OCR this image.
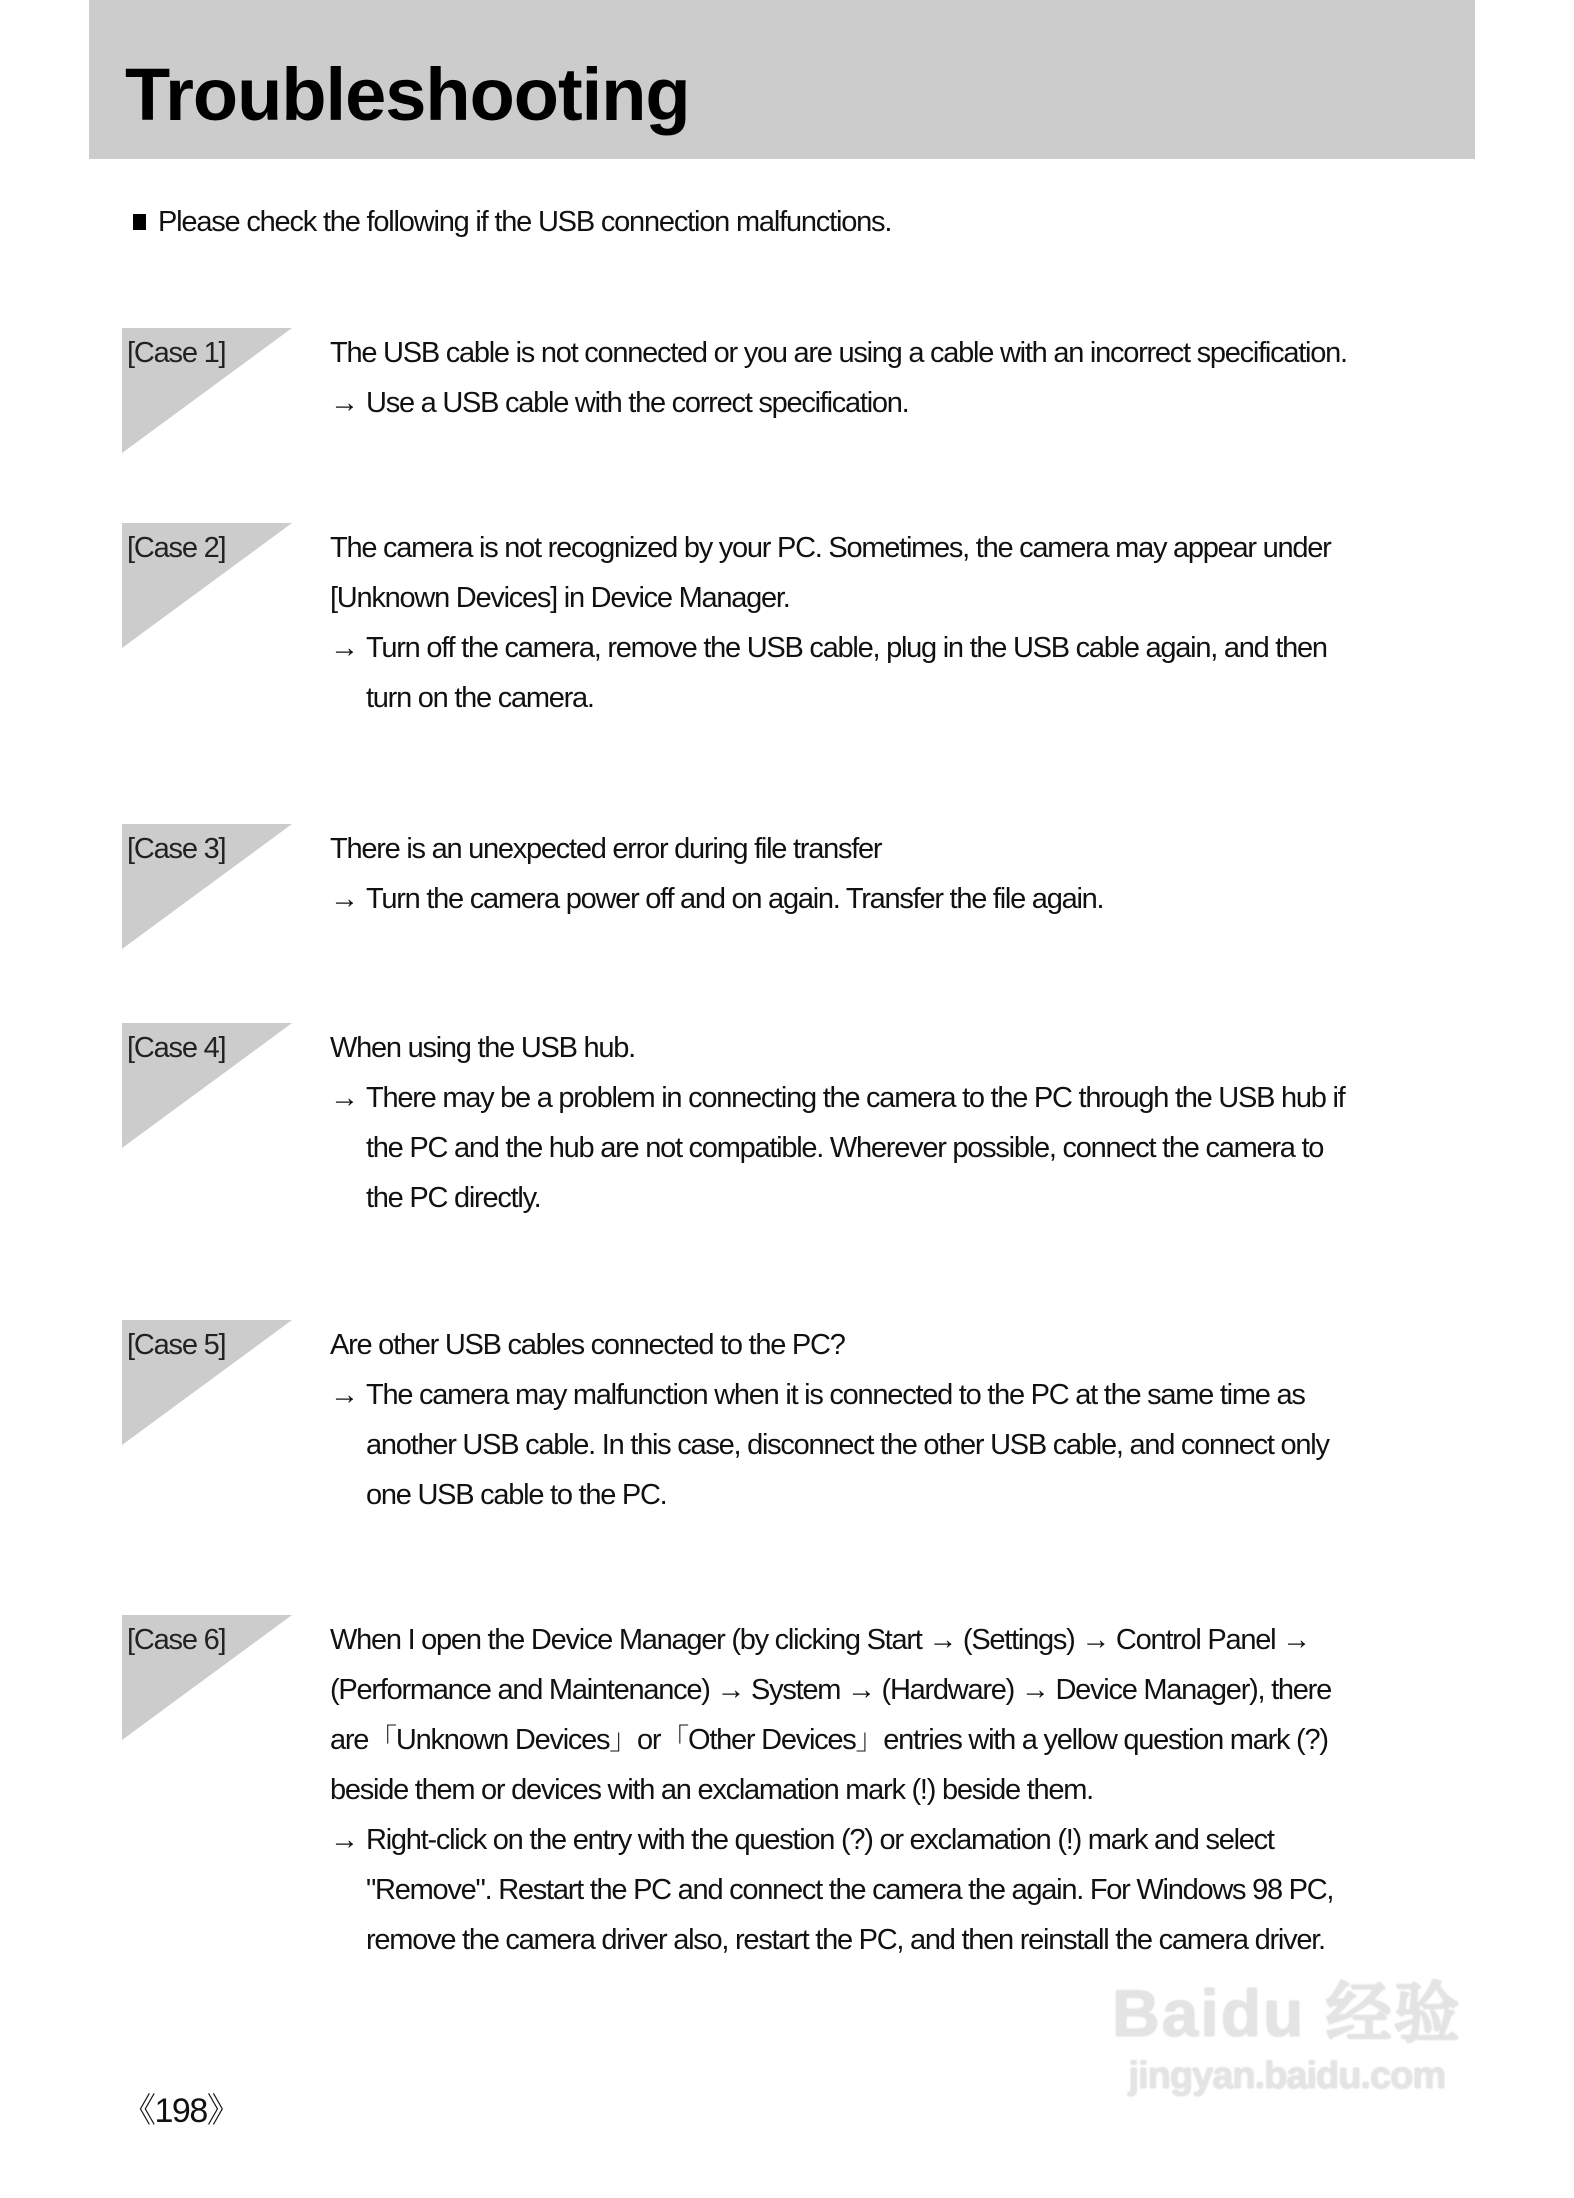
Troubleshooting
Please check the following if the USB connection malfunctions.
[Case 1]	The USB cable is not connected or you are using a cable with an incorrect specification.
→ Use a USB cable with the correct specification.
[Case 2]	The camera is not recognized by your PC. Sometimes, the camera may appear under
[Unknown Devices] in Device Manager.
→ Turn off the camera, remove the USB cable, plug in the USB cable again, and then
turn on the camera.
[Case 3]	There is an unexpected error during file transfer
→ Turn the camera power off and on again. Transfer the file again.
[Case 4]	When using the USB hub.
→ There may be a problem in connecting the camera to the PC through the USB hub if
the PC and the hub are not compatible. Wherever possible, connect the camera to
the PC directly.
[Case 5]	Are other USB cables connected to the PC?
→ The camera may malfunction when it is connected to the PC at the same time as
another USB cable. In this case, disconnect the other USB cable, and connect only
one USB cable to the PC.
[Case 6]	When I open the Device Manager (by clicking Start → (Settings) → Control Panel →
(Performance and Maintenance) → System → (Hardware) → Device Manager), there
are「Unknown Devices」or「Other Devices」entries with a yellow question mark (?)
beside them or devices with an exclamation mark (!) beside them.
→ Right-click on the entry with the question (?) or exclamation (!) mark and select
"Remove". Restart the PC and connect the camera the again. For Windows 98 PC,
remove the camera driver also, restart the PC, and then reinstall the camera driver.
《198》
Baidu 经验
jingyan.baidu.com
